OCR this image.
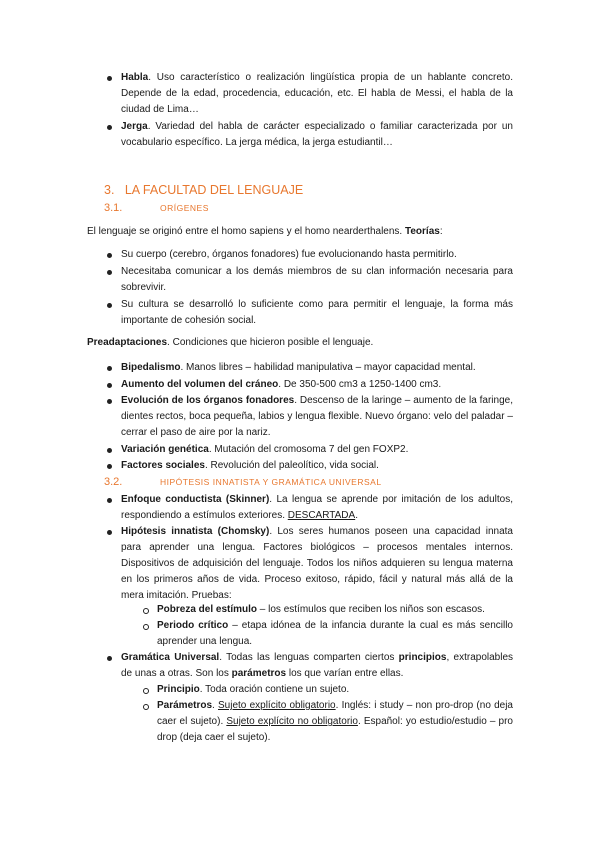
Habla. Uso característico o realización lingüística propia de un hablante concreto. Depende de la edad, procedencia, educación, etc. El habla de Messi, el habla de la ciudad de Lima…
Jerga. Variedad del habla de carácter especializado o familiar caracterizada por un vocabulario específico. La jerga médica, la jerga estudiantil…
3. LA FACULTAD DEL LENGUAJE
3.1.	ORÍGENES
El lenguaje se originó entre el homo sapiens y el homo nearderthalens. Teorías:
Su cuerpo (cerebro, órganos fonadores) fue evolucionando hasta permitirlo.
Necesitaba comunicar a los demás miembros de su clan información necesaria para sobrevivir.
Su cultura se desarrolló lo suficiente como para permitir el lenguaje, la forma más importante de cohesión social.
Preadaptaciones. Condiciones que hicieron posible el lenguaje.
Bipedalismo. Manos libres – habilidad manipulativa – mayor capacidad mental.
Aumento del volumen del cráneo. De 350-500 cm3 a 1250-1400 cm3.
Evolución de los órganos fonadores. Descenso de la laringe – aumento de la faringe, dientes rectos, boca pequeña, labios y lengua flexible. Nuevo órgano: velo del paladar – cerrar el paso de aire por la nariz.
Variación genética. Mutación del cromosoma 7 del gen FOXP2.
Factores sociales. Revolución del paleolítico, vida social.
3.2.	HIPÓTESIS INNATISTA Y GRAMÁTICA UNIVERSAL
Enfoque conductista (Skinner). La lengua se aprende por imitación de los adultos, respondiendo a estímulos exteriores. DESCARTADA.
Hipótesis innatista (Chomsky). Los seres humanos poseen una capacidad innata para aprender una lengua. Factores biológicos – procesos mentales internos. Dispositivos de adquisición del lenguaje. Todos los niños adquieren su lengua materna en los primeros años de vida. Proceso exitoso, rápido, fácil y natural más allá de la mera imitación. Pruebas:
Pobreza del estímulo – los estímulos que reciben los niños son escasos.
Periodo crítico – etapa idónea de la infancia durante la cual es más sencillo aprender una lengua.
Gramática Universal. Todas las lenguas comparten ciertos principios, extrapolables de unas a otras. Son los parámetros los que varían entre ellas.
Principio. Toda oración contiene un sujeto.
Parámetros. Sujeto explícito obligatorio. Inglés: i study – non pro-drop (no deja caer el sujeto). Sujeto explícito no obligatorio. Español: yo estudio/estudio – pro drop (deja caer el sujeto).
